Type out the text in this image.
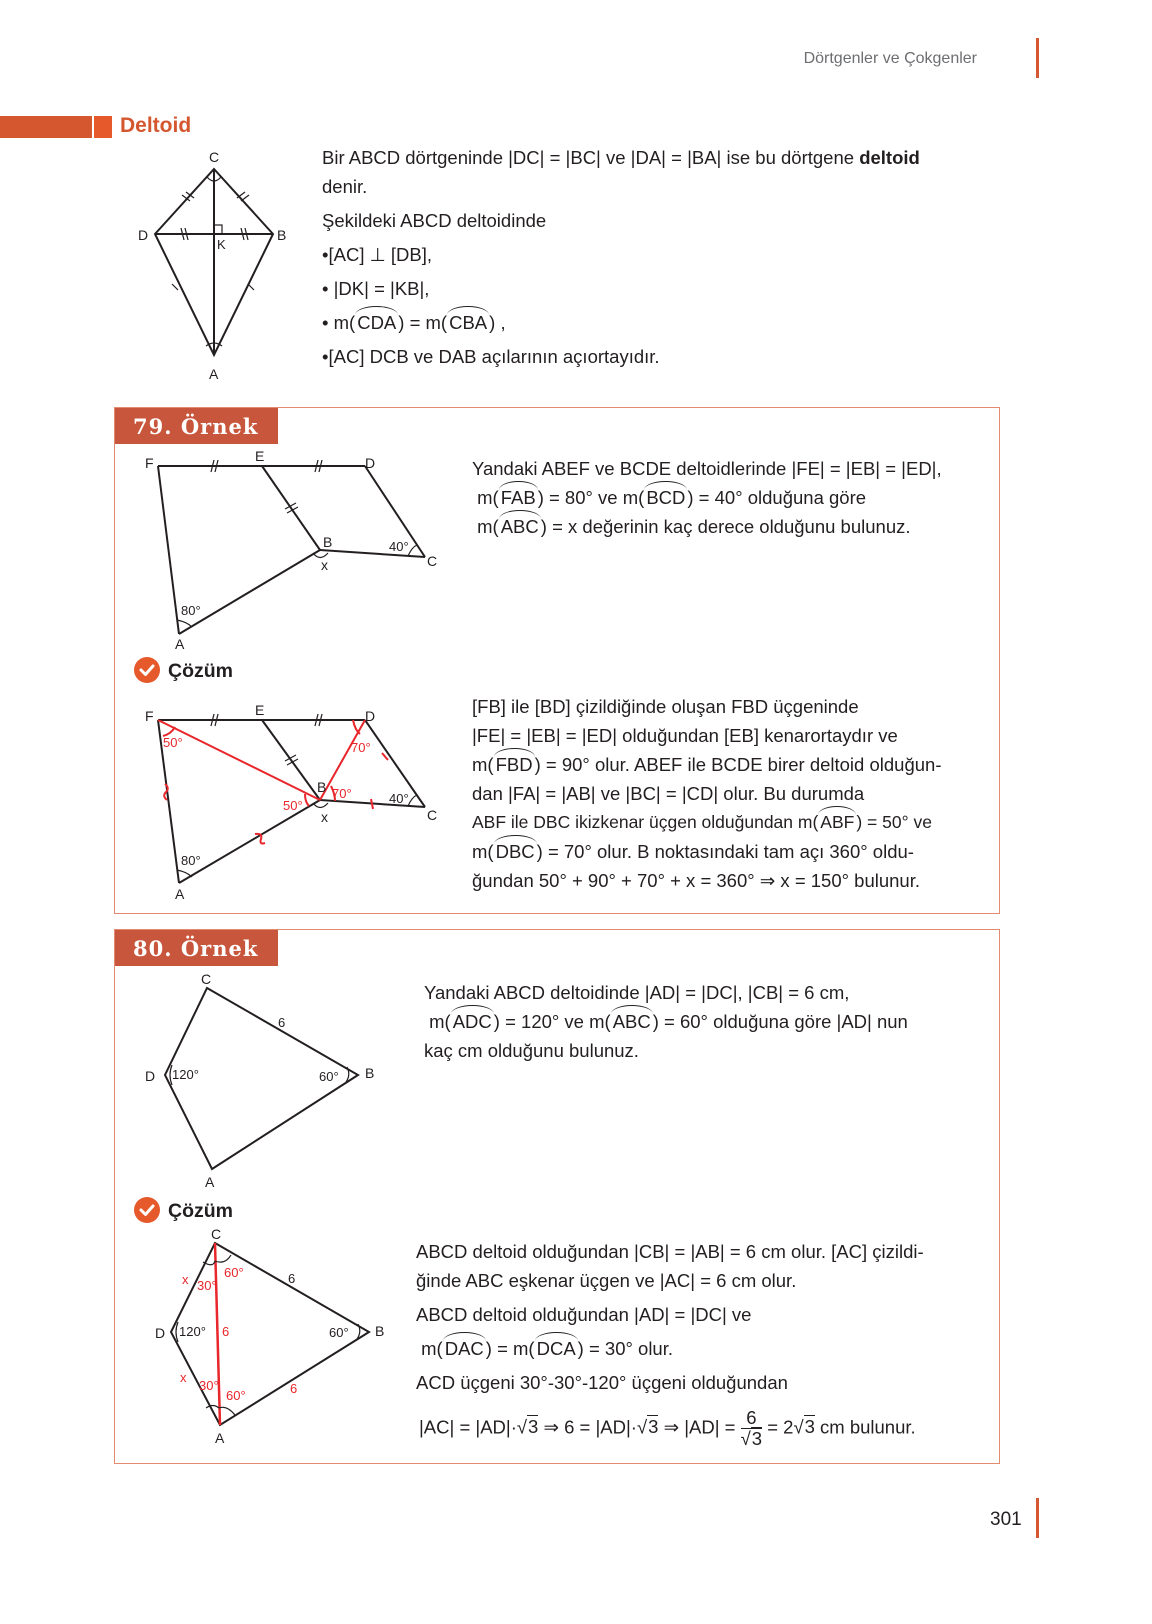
Dörtgenler ve Çokgenler
Deltoid
C
D	B
K
A

Bir ABCD dörtgeninde |DC| = |BC| ve |DA| = |BA| ise bu dörtgene deltoid

denir.

Şekildeki ABCD deltoidinde

•[AC] ⊥ [DB],

• |DK| = |KB|,

• m( CDA ) = m( CBA ) ,

•[AC] DCB ve DAB açılarının açıortayıdır.

79. Örnek
F	E	D
B
C
x
40°
80°
A

Yandaki ABEF ve BCDE deltoidlerinde |FE| = |EB| = |ED|,

m( FAB ) = 80° ve m( BCD ) = 40° olduğuna göre

m( ABC ) = x değerinin kaç derece olduğunu bulunuz.

Çözüm
F	E	D
B
C
x
40°
80°
A
50°	70°
70°
50°

[FB] ile [BD] çizildiğinde oluşan FBD üçgeninde

|FE| = |EB| = |ED| olduğundan [EB] kenarortaydır ve

m( FBD ) = 90° olur. ABEF ile BCDE birer deltoid olduğun-

dan |FA| = |AB| ve |BC| = |CD| olur. Bu durumda

ABF ile DBC ikizkenar üçgen olduğundan m( ABF ) = 50° ve

m( DBC ) = 70° olur. B noktasındaki tam açı 360° oldu-

ğundan 50° + 90° + 70° + x = 360° ⇒ x = 150° bulunur.

80. Örnek
C
D	B
A
6
120°	60°

Yandaki ABCD deltoidinde |AD| = |DC|, |CB| = 6 cm,

m( ADC ) = 120° ve m( ABC ) = 60° olduğuna göre |AD| nun

kaç cm olduğunu bulunuz.

Çözüm
C
D	B
A
6
120°	60°
x 30°
60°
6
x
30°
60°	6

ABCD deltoid olduğundan |CB| = |AB| = 6 cm olur. [AC] çizildi-

ğinde ABC eşkenar üçgen ve |AC| = 6 cm olur.

ABCD deltoid olduğundan |AD| = |DC| ve

m( DAC ) = m( DCA ) = 30° olur.

ACD üçgeni 30°-30°-120° üçgeni olduğundan

|AC| = |AD|·√3 ⇒ 6 = |AD|·√3 ⇒ $|AD| = \frac{6}{√3} = 2√3$ cm bulunur.
301
